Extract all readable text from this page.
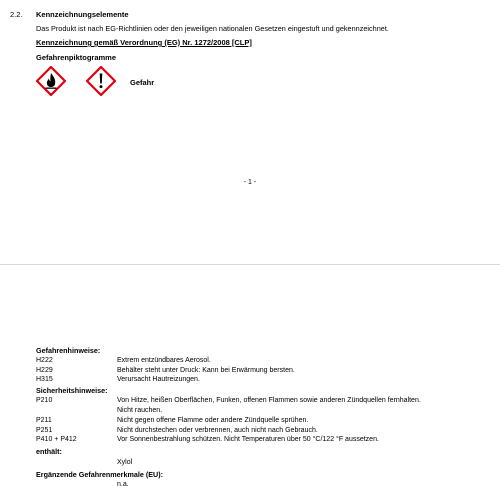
2.2. Kennzeichnungselemente
Das Produkt ist nach EG-Richtlinien oder den jeweiligen nationalen Gesetzen eingestuft und gekennzeichnet.
Kennzeichnung gemäß Verordnung (EG) Nr. 1272/2008 [CLP]
Gefahrenpiktogramme
Gefahr
- 1 -
Gefahrenhinweise:
H222	Extrem entzündbares Aerosol.
H229	Behälter steht unter Druck: Kann bei Erwärmung bersten.
H315	Verursacht Hautreizungen.
Sicherheitshinweise:
P210	Von Hitze, heißen Oberflächen, Funken, offenen Flammen sowie anderen Zündquellen fernhalten.
Nicht rauchen.
P211	Nicht gegen offene Flamme oder andere Zündquelle sprühen.
P251	Nicht durchstechen oder verbrennen, auch nicht nach Gebrauch.
P410 + P412	Vor Sonnenbestrahlung schützen. Nicht Temperaturen über 50 °C/122 °F aussetzen.
enthält:
Xylol
Ergänzende Gefahrenmerkmale (EU):
n.a.
